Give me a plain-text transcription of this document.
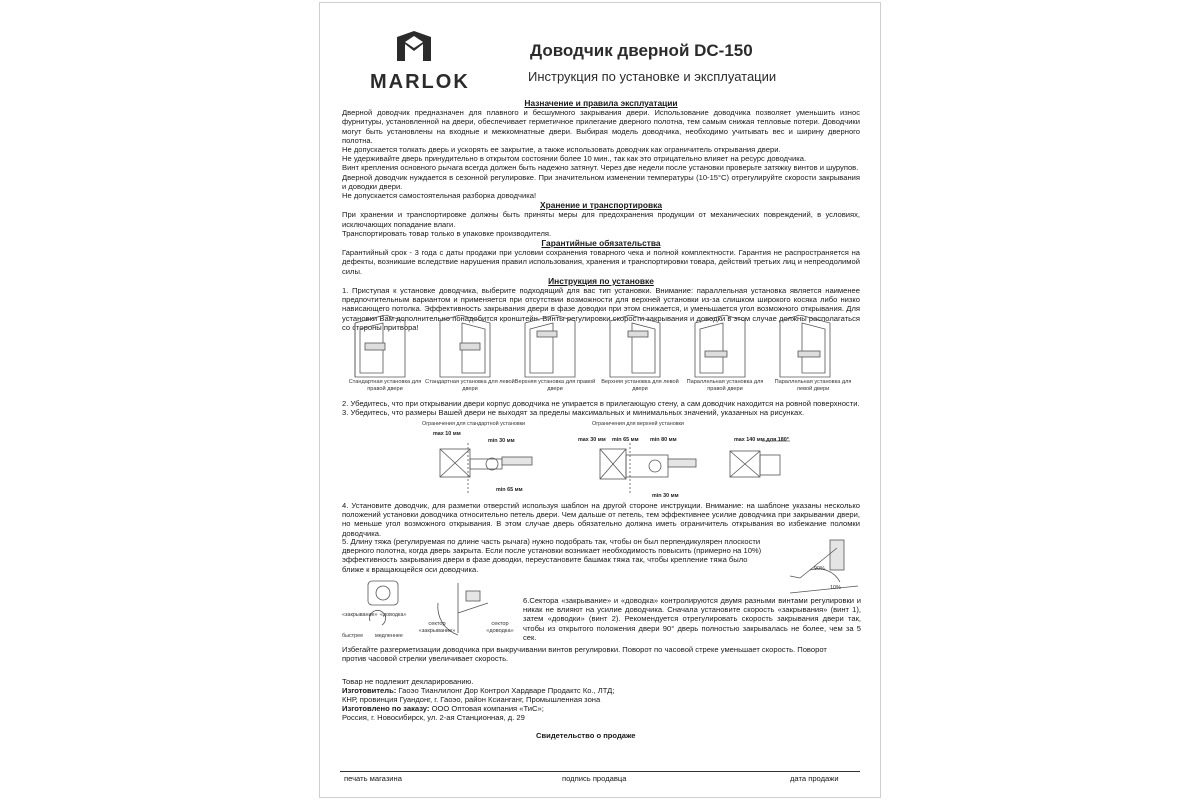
MARLOK
Доводчик дверной DC-150
Инструкция по установке и эксплуатации

Назначение и правила эксплуатации

Дверной доводчик предназначен для плавного и бесшумного закрывания двери. Использование доводчика позволяет уменьшить износ фурнитуры, установленной на двери, обеспечивает герметичное прилегание дверного полотна, тем самым снижая тепловые потери. Доводчики могут быть установлены на входные и межкомнатные двери. Выбирая модель доводчика, необходимо учитывать вес и ширину дверного полотна.

Не допускается толкать дверь и ускорять ее закрытие, а также использовать доводчик как ограничитель открывания двери.

Не удерживайте дверь принудительно в открытом состоянии более 10 мин., так как это отрицательно влияет на ресурс доводчика.

Винт крепления основного рычага всегда должен быть надежно затянут. Через две недели после установки проверьте затяжку винтов и шурупов.

Дверной доводчик нуждается в сезонной регулировке. При значительном изменении температуры (10-15°С) отрегулируйте скорости закрывания и доводки двери.

Не допускается самостоятельная разборка доводчика!

Хранение и транспортировка

При хранении и транспортировке должны быть приняты меры для предохранения продукции от механических повреждений, в условиях, исключающих попадание влаги.

Транспортировать товар только в упаковке производителя.

Гарантийные обязательства

Гарантийный срок - 3 года с даты продажи при условии сохранения товарного чека и полной комплектности. Гарантия не распространяется на дефекты, возникшие вследствие нарушения правил использования, хранения и транспортировки товара, действий третьих лиц и непреодолимой силы.

Инструкция по установке

1. Приступая к установке доводчика, выберите подходящий для вас тип установки. Внимание: параллельная установка является наименее предпочтительным вариантом и применяется при отсутствии возможности для верхней установки из-за слишком широкого косяка либо низко нависающего потолка. Эффективность закрывания двери в фазе доводки при этом снижается, и уменьшается угол возможного открывания. Для установки Вам дополнительно понадобится кронштейн. Винты регулировки скорости закрывания и доводки в этом случае должны располагаться со стороны притвора!

Стандартная установка для правой двери
Стандартная установка для левой двери
Верхняя установка для правой двери
Верхняя установка для левой двери
Параллельная установка для правой двери
Параллельная установка для левой двери
2. Убедитесь, что при открывании двери корпус доводчика не упирается в прилегающую стену, а сам доводчик находится на ровной поверхности.
3. Убедитесь, что размеры Вашей двери не выходят за пределы максимальных и минимальных значений, указанных на рисунках.
Ограничения для стандартной установки	Ограничения для верхней установки
max 10 мм
min 30 мм
min 65 мм
max 30 мм min 65 мм min 80 мм
min 30 мм
max 140 мм для 180°
4. Установите доводчик, для разметки отверстий используя шаблон на другой стороне инструкции. Внимание: на шаблоне указаны несколько положений установки доводчика относительно петель двери. Чем дальше от петель, тем эффективнее усилие доводчика при закрывании двери, но меньше угол возможного открывания. В этом случае дверь обязательно должна иметь ограничитель открывания во избежание поломки доводчика.
5. Длину тяжа (регулируемая по длине часть рычага) нужно подобрать так, чтобы он был перпендикулярен плоскости дверного полотна, когда дверь закрыта. Если после установки возникает необходимость повысить (примерно на 10%) эффективность закрывания двери в фазе доводки, переустановите башмак тяжа так, чтобы крепление тяжа было ближе к вращающейся оси доводчика.	90%
10%
«закрывание» «доводка»
быстрее медленнее
сектор «закрывание»
сектор «доводка»
6.Сектора «закрывание» и «доводка» контролируются двумя разными винтами регулировки и никак не влияют на усилие доводчика. Сначала установите скорость «закрывания» (винт 1), затем «доводки» (винт 2). Рекомендуется отрегулировать скорость закрывания двери так, чтобы из открытого положения двери 90° дверь полностью закрывалась не более, чем за 5 сек.
Избегайте разгерметизации доводчика при выкручивании винтов регулировки. Поворот по часовой стреке уменьшает скорость. Поворот против часовой стрелки увеличивает скорость.
Товар не подлежит декларированию.
Изготовитель: Гаоэо Тианлилонг Дор Контрол Хардваре Продактс Ко., ЛТД;
КНР, провинция Гуандонг, г. Гаоэо, район Ксианганг, Промышленная зона
Изготовлено по заказу: ООО Оптовая компания «ТиС»;
Россия, г. Новосибирск, ул. 2-ая Станционная, д. 29
Свидетельство о продаже
печать магазина	подпись продавца	дата продажи
